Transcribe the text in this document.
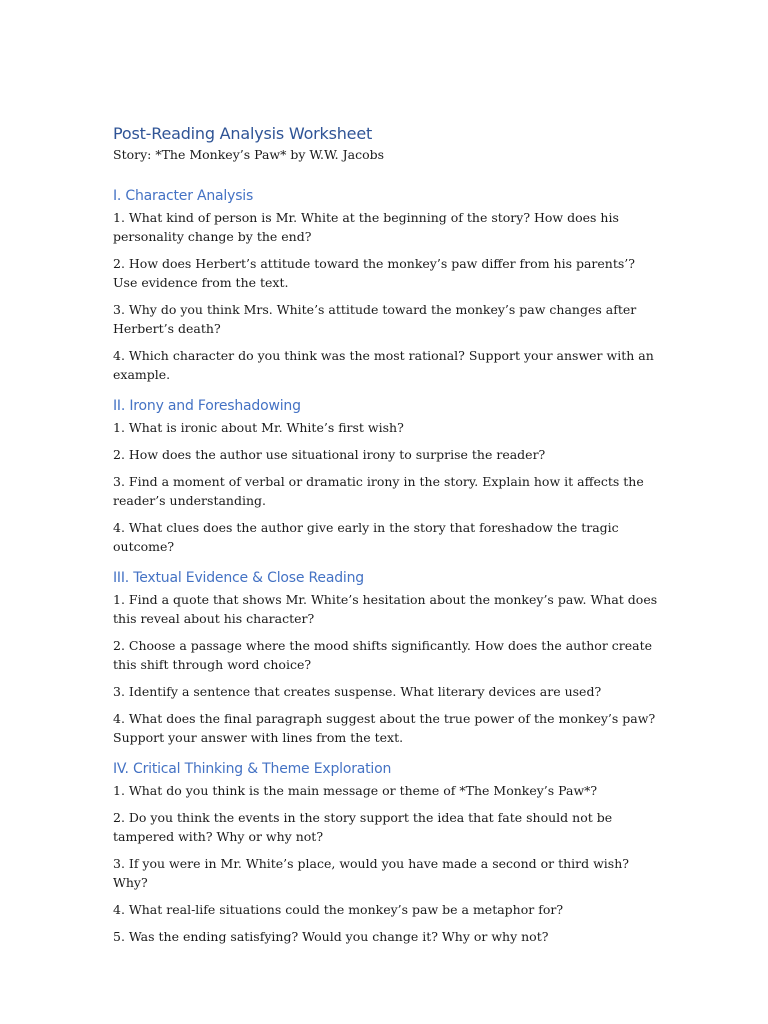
Post-Reading Analysis Worksheet

Story: *The Monkey’s Paw* by W.W. Jacobs

I. Character Analysis

1. What kind of person is Mr. White at the beginning of the story? How does his personality change by the end?

2. How does Herbert’s attitude toward the monkey’s paw differ from his parents’? Use evidence from the text.

3. Why do you think Mrs. White’s attitude toward the monkey’s paw changes after Herbert’s death?

4. Which character do you think was the most rational? Support your answer with an example.

II. Irony and Foreshadowing

1. What is ironic about Mr. White’s first wish?

2. How does the author use situational irony to surprise the reader?

3. Find a moment of verbal or dramatic irony in the story. Explain how it affects the reader’s understanding.

4. What clues does the author give early in the story that foreshadow the tragic outcome?

III. Textual Evidence & Close Reading

1. Find a quote that shows Mr. White’s hesitation about the monkey’s paw. What does this reveal about his character?

2. Choose a passage where the mood shifts significantly. How does the author create this shift through word choice?

3. Identify a sentence that creates suspense. What literary devices are used?

4. What does the final paragraph suggest about the true power of the monkey’s paw? Support your answer with lines from the text.

IV. Critical Thinking & Theme Exploration

1. What do you think is the main message or theme of *The Monkey’s Paw*?

2. Do you think the events in the story support the idea that fate should not be tampered with? Why or why not?

3. If you were in Mr. White’s place, would you have made a second or third wish? Why?

4. What real-life situations could the monkey’s paw be a metaphor for?

5. Was the ending satisfying? Would you change it? Why or why not?
